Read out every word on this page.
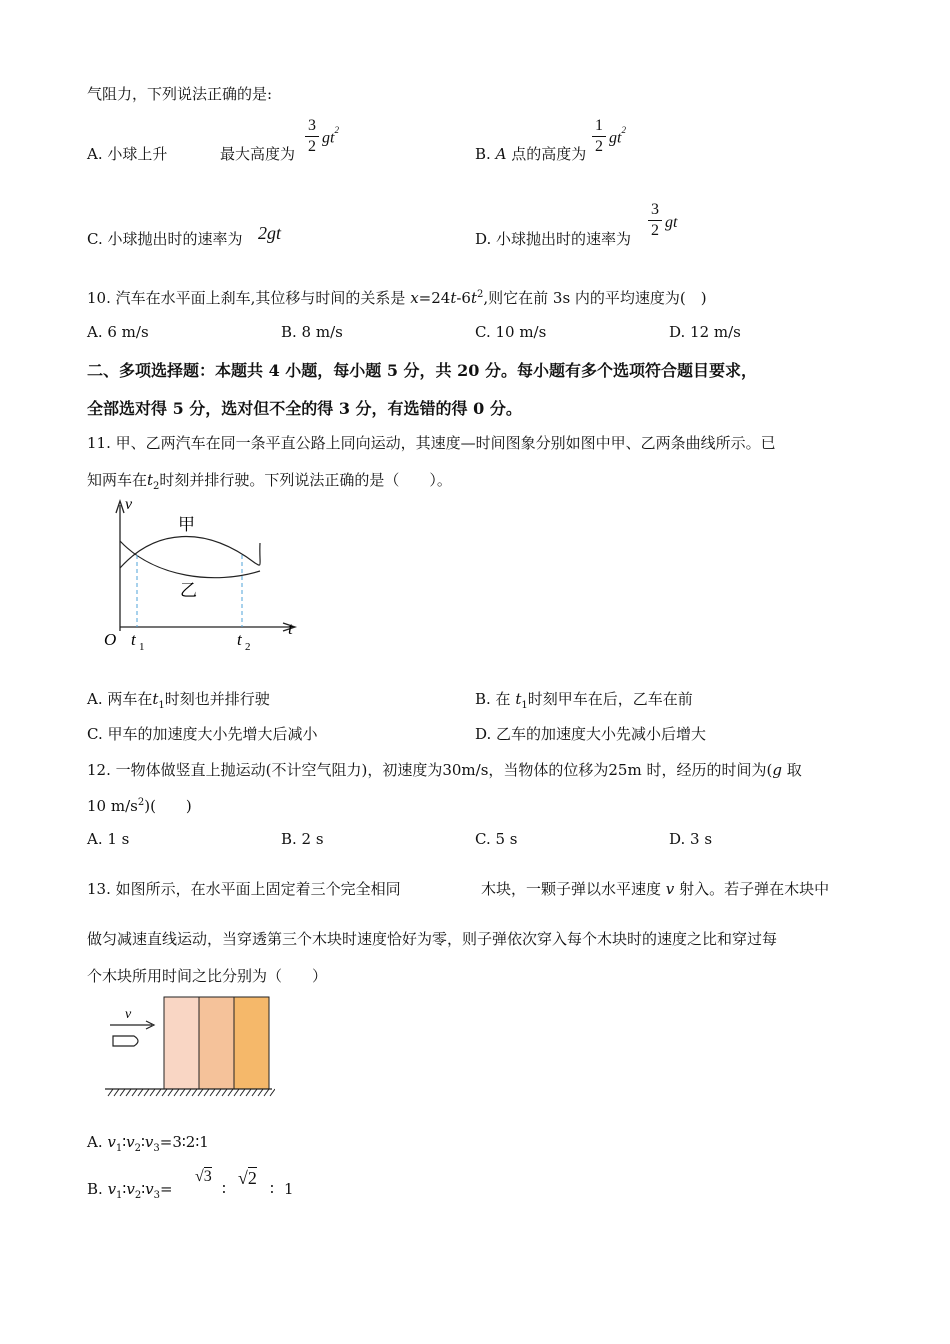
气阻力，下列说法正确的是:
A. 小球上升	最大高度为
3
2
$gt^2$
B. A 点的高度为
1
2
$gt^2$
C. 小球抛出时的速率为 2gt	D. 小球抛出时的速率为
3
2 gt
10. 汽车在水平面上刹车,其位移与时间的关系是 $x=24t-6t^2$,则它在前 3s 内的平均速度为(　)
A. 6 m/s	B. 8 m/s	C. 10 m/s	D. 12 m/s
二、多项选择题：本题共 4 小题，每小题 5 分，共 20 分。每小题有多个选项符合题目要求，
全部选对得 5 分，选对但不全的得 3 分，有选错的得 0 分。
11. 甲、乙两汽车在同一条平直公路上同向运动，其速度—时间图象分别如图中甲、乙两条曲线所示。已
知两车在$t_2$时刻并排行驶。下列说法正确的是（　　）。
v
t
O
甲
乙
t 1	t 2
A. 两车在$t_1$时刻也并排行驶	B. 在 $t_1$时刻甲车在后，乙车在前
C. 甲车的加速度大小先增大后减小	D. 乙车的加速度大小先减小后增大
12. 一物体做竖直上抛运动(不计空气阻力)，初速度为30m/s，当物体的位移为25m 时，经历的时间为(g 取
10 $m/s^2$)(　　)
A. 1 s	B. 2 s	C. 5 s	D. 3 s
13. 如图所示，在水平面上固定着三个完全相同	木块，一颗子弹以水平速度 v 射入。若子弹在木块中
做匀减速直线运动，当穿透第三个木块时速度恰好为零，则子弹依次穿入每个木块时的速度之比和穿过每
个木块所用时间之比分别为（　　）
v
A. $v_1∶v_2∶v_3=3∶2∶1$
B. $v_1∶v_2∶v_3=$
√3
∶
√2
∶ 1
